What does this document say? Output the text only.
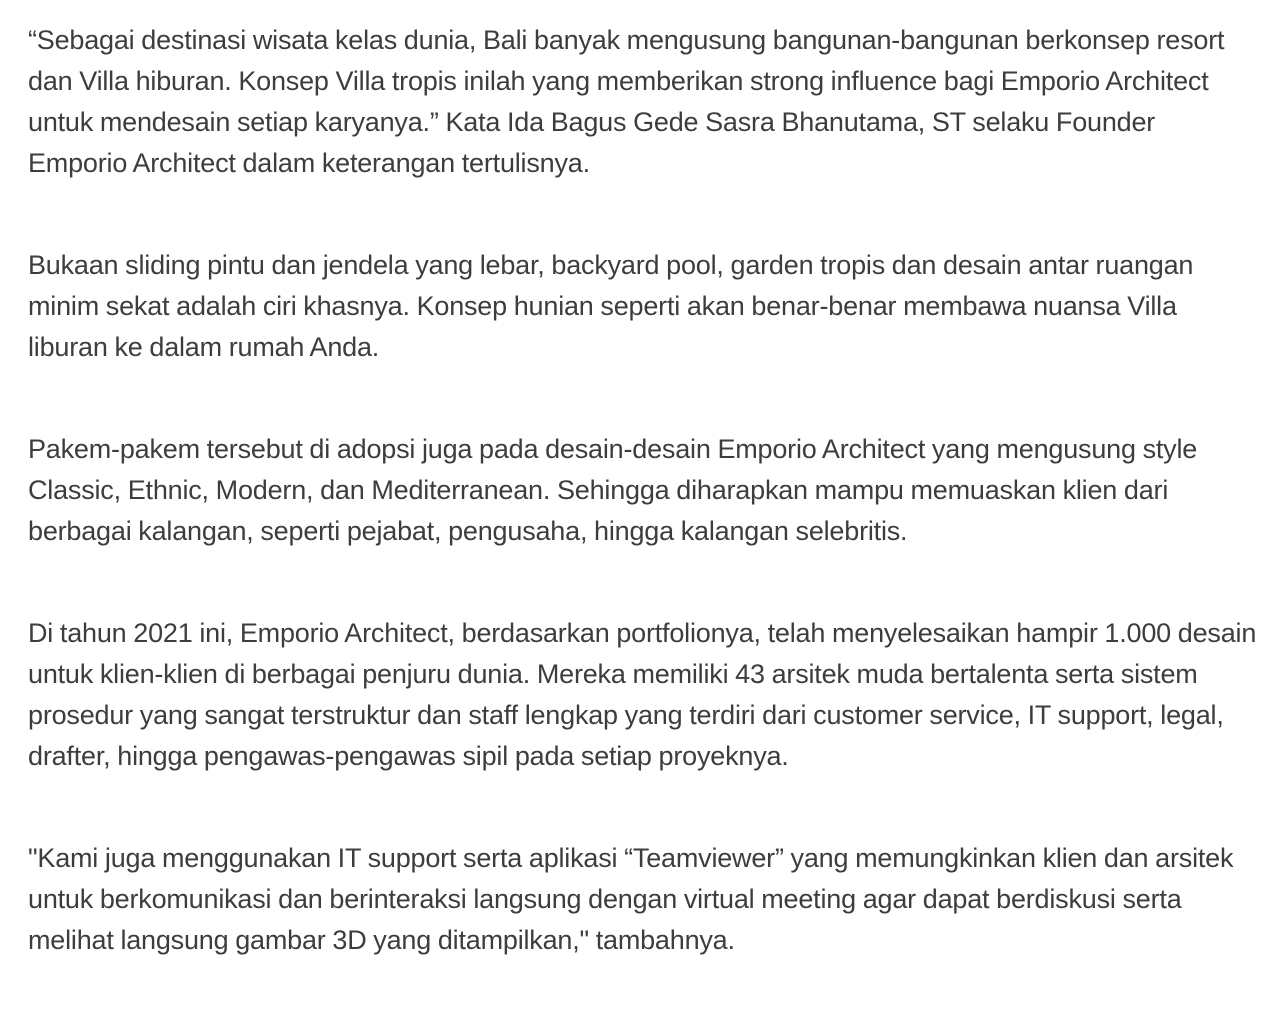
“Sebagai destinasi wisata kelas dunia, Bali banyak mengusung bangunan-bangunan berkonsep resort dan Villa hiburan. Konsep Villa tropis inilah yang memberikan strong influence bagi Emporio Architect untuk mendesain setiap karyanya.” Kata Ida Bagus Gede Sasra Bhanutama, ST selaku Founder Emporio Architect dalam keterangan tertulisnya.

Bukaan sliding pintu dan jendela yang lebar, backyard pool, garden tropis dan desain antar ruangan minim sekat adalah ciri khasnya. Konsep hunian seperti akan benar-benar membawa nuansa Villa liburan ke dalam rumah Anda.

Pakem-pakem tersebut di adopsi juga pada desain-desain Emporio Architect yang mengusung style Classic, Ethnic, Modern, dan Mediterranean. Sehingga diharapkan mampu memuaskan klien dari berbagai kalangan, seperti pejabat, pengusaha, hingga kalangan selebritis.

Di tahun 2021 ini, Emporio Architect, berdasarkan portfolionya, telah menyelesaikan hampir 1.000 desain untuk klien-klien di berbagai penjuru dunia. Mereka memiliki 43 arsitek muda bertalenta serta sistem prosedur yang sangat terstruktur dan staff lengkap yang terdiri dari customer service, IT support, legal, drafter, hingga pengawas-pengawas sipil pada setiap proyeknya.

"Kami juga menggunakan IT support serta aplikasi “Teamviewer” yang memungkinkan klien dan arsitek untuk berkomunikasi dan berinteraksi langsung dengan virtual meeting agar dapat berdiskusi serta melihat langsung gambar 3D yang ditampilkan," tambahnya.
